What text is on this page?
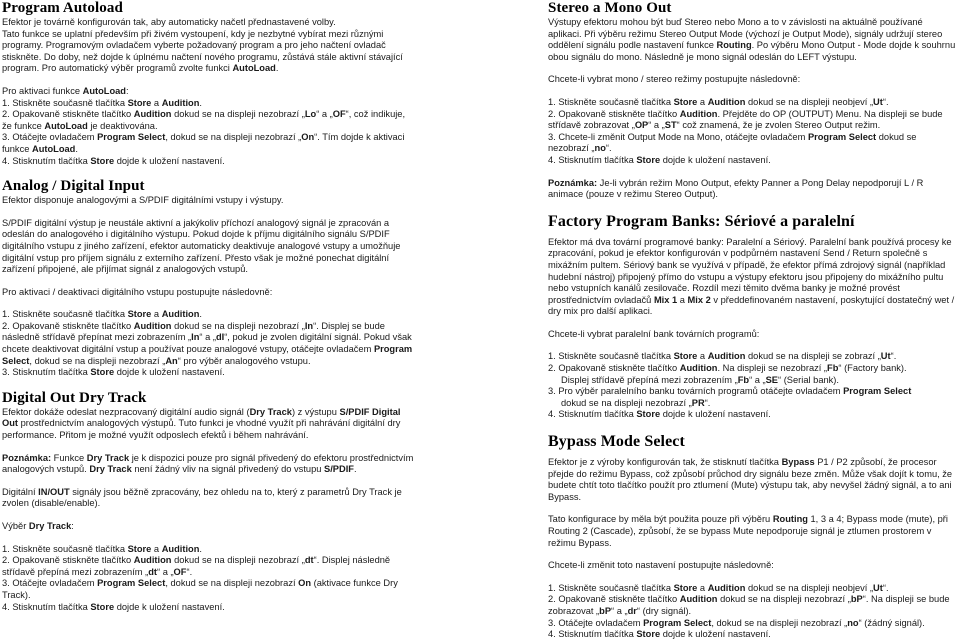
Program Autoload

Efektor je továrně konfigurován tak, aby automaticky načetl přednastavené volby.
Tato funkce se uplatní především při živém vystoupení, kdy je nezbytné vybírat mezi různými programy. Programovým ovladačem vyberte požadovaný program a pro jeho načtení ovladač stiskněte. Do doby, než dojde k úplnému načtení nového programu, zůstává stále aktivní stávající program. Pro automatický výběr programů zvolte funkci AutoLoad.

Pro aktivaci funkce AutoLoad:

1. Stiskněte současně tlačítka Store a Audition.
2. Opakovaně stiskněte tlačítko Audition dokud se na displeji nezobrazí „Lo“ a „OF“, což indikuje, že funkce AutoLoad je deaktivována.
3. Otáčejte ovladačem Program Select, dokud se na displeji nezobrazí „On“. Tím dojde k aktivaci funkce AutoLoad.
4. Stisknutím tlačítka Store dojde k uložení nastavení.
Analog / Digital Input

Efektor disponuje analogovými a S/PDIF digitálními vstupy i výstupy.

S/PDIF digitální výstup je neustále aktivní a jakýkoliv příchozí analogový signál je zpracován a odeslán do analogového i digitálního výstupu. Pokud dojde k příjmu digitálního signálu S/PDIF digitálního vstupu z jiného zařízení, efektor automaticky deaktivuje analogové vstupy a umožňuje digitální vstup pro příjem signálu z externího zařízení. Přesto však je možné ponechat digitální zařízení připojené, ale přijímat signál z analogových vstupů.

Pro aktivaci / deaktivaci digitálního vstupu postupujte následovně:

1. Stiskněte současně tlačítka Store a Audition.
2. Opakovaně stiskněte tlačítko Audition dokud se na displeji nezobrazí „In“. Displej se bude následně střídavě přepínat mezi zobrazením „In“ a „dI“, pokud je zvolen digitální signál. Pokud však chcete deaktivovat digitální vstup a používat pouze analogové vstupy, otáčejte ovladačem Program Select, dokud se na displeji nezobrazí „An“ pro výběr analogového vstupu.
3. Stisknutím tlačítka Store dojde k uložení nastavení.
Digital Out Dry Track

Efektor dokáže odeslat nezpracovaný digitální audio signál (Dry Track) z výstupu S/PDIF Digital Out prostřednictvím analogových výstupů. Tuto funkci je vhodné využít při nahrávání digitální dry performance. Přitom je možné využít odposlech efektů i během nahrávání.

Poznámka: Funkce Dry Track je k dispozici pouze pro signál přivedený do efektoru prostřednictvím analogových vstupů. Dry Track není žádný vliv na signál přivedený do vstupu S/PDIF.

Digitální IN/OUT signály jsou běžně zpracovány, bez ohledu na to, který z parametrů Dry Track je zvolen (disable/enable).

Výběr Dry Track:

1. Stiskněte současně tlačítka Store a Audition.
2. Opakovaně stiskněte tlačítko Audition dokud se na displeji nezobrazí „dt“. Displej následně střídavě přepíná mezi zobrazením „dt“ a „OF“.
3. Otáčejte ovladačem Program Select, dokud se na displeji nezobrazí On (aktivace funkce Dry Track).
4. Stisknutím tlačítka Store dojde k uložení nastavení.
Stereo a Mono Out

Výstupy efektoru mohou být buď Stereo nebo Mono a to v závislosti na aktuálně používané aplikaci. Při výběru režimu Stereo Output Mode (výchozí je Output Mode), signály udržují stereo oddělení signálu podle nastavení funkce Routing. Po výběru Mono Output - Mode dojde k souhrnu obou signálu do mono. Následně je mono signál odeslán do LEFT výstupu.

Chcete-li vybrat mono / stereo režimy postupujte následovně:

1. Stiskněte současně tlačítka Store a Audition dokud se na displeji neobjeví „Ut“.
2. Opakovaně stiskněte tlačítko Audition. Přejděte do OP (OUTPUT) Menu. Na displeji se bude střídavě zobrazovat „OP“ a „ST“ což znamená, že je zvolen Stereo Output režim.
3. Chcete-li změnit Output Mode na Mono, otáčejte ovladačem Program Select dokud se nezobrazí „no“.
4. Stisknutím tlačítka Store dojde k uložení nastavení.

Poznámka: Je-li vybrán režim Mono Output, efekty Panner a Pong Delay nepodporují L / R animace (pouze v režimu Stereo Output).

Factory Program Banks: Sériové a paralelní

Efektor má dva tovární programové banky: Paralelní a Sériový. Paralelní bank používá procesy ke zpracování, pokud je efektor konfigurován v podpůrném nastavení Send / Return společně s mixážním pultem. Sériový bank se využívá v případě, že efektor přímá zdrojový signál (například hudební nástroj) připojený přímo do vstupu a výstupy efektoru jsou připojeny do mixážního pultu nebo vstupních kanálů zesilovače. Rozdíl mezi těmito dvěma banky je možné provést prostřednictvím ovladačů Mix 1 a Mix 2 v předdefinovaném nastavení, poskytující dostatečný wet / dry mix pro další aplikaci.

Chcete-li vybrat paralelní bank továrních programů:

1. Stiskněte současně tlačítka Store a Audition dokud se na displeji se zobrazí „Ut“.
2. Opakovaně stiskněte tlačítko Audition. Na displeji se nezobrazí „Fb“ (Factory bank).
Displej střídavě přepíná mezi zobrazením „Fb“ a „SE“ (Serial bank).
3. Pro výběr paralelního banku továrních programů otáčejte ovladačem Program Select
dokud se na displeji nezobrazí „PR“.
4. Stisknutím tlačítka Store dojde k uložení nastavení.
Bypass Mode Select

Efektor je z výroby konfigurován tak, že stisknutí tlačítka Bypass P1 / P2 způsobí, že procesor přejde do režimu Bypass, což způsobí průchod dry signálu beze změn. Může však dojít k tomu, že budete chtít toto tlačítko použít pro ztlumení (Mute) výstupu tak, aby nevyšel žádný signál, a to ani Bypass.

Tato konfigurace by měla být použita pouze při výběru Routing 1, 3 a 4; Bypass mode (mute), při Routing 2 (Cascade), způsobí, že se bypass Mute nepodporuje signál je ztlumen prostorem v režimu Bypass.

Chcete-li změnit toto nastavení postupujte následovně:

1. Stiskněte současně tlačítka Store a Audition dokud se na displeji neobjeví „Ut“.
2. Opakovaně stiskněte tlačítko Audition dokud se na displeji nezobrazí „bP“. Na displeji se bude zobrazovat „bP“ a „dr“ (dry signál).
3. Otáčejte ovladačem Program Select, dokud se na displeji nezobrazí „no“ (žádný signál).
4. Stisknutím tlačítka Store dojde k uložení nastavení.
